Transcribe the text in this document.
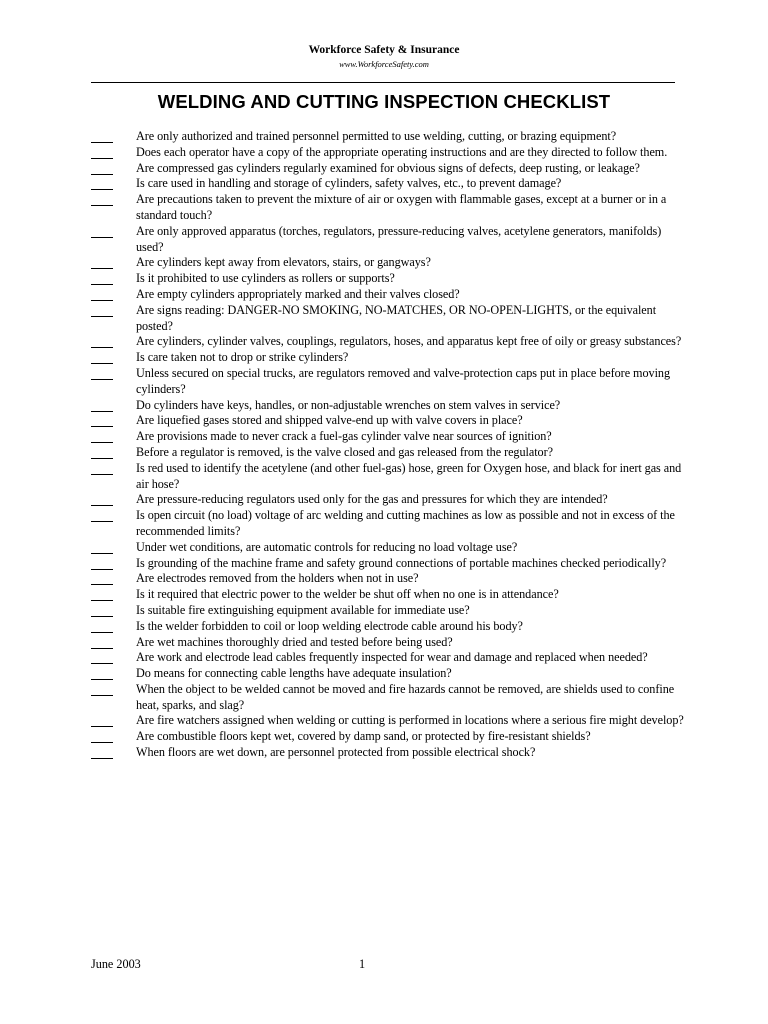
Workforce Safety & Insurance
www.WorkforceSafety.com
WELDING AND CUTTING INSPECTION CHECKLIST
Are only authorized and trained personnel permitted to use welding, cutting, or brazing equipment?
Does each operator have a copy of the appropriate operating instructions and are they directed to follow them.
Are compressed gas cylinders regularly examined for obvious signs of defects, deep rusting, or leakage?
Is care used in handling and storage of cylinders, safety valves, etc., to prevent damage?
Are precautions taken to prevent the mixture of air or oxygen with flammable gases, except at a burner or in a standard touch?
Are only approved apparatus (torches, regulators, pressure-reducing valves, acetylene generators, manifolds) used?
Are cylinders kept away from elevators, stairs, or gangways?
Is it prohibited to use cylinders as rollers or supports?
Are empty cylinders appropriately marked and their valves closed?
Are signs reading: DANGER-NO SMOKING, NO-MATCHES, OR NO-OPEN-LIGHTS, or the equivalent posted?
Are cylinders, cylinder valves, couplings, regulators, hoses, and apparatus kept free of oily or greasy substances?
Is care taken not to drop or strike cylinders?
Unless secured on special trucks, are regulators removed and valve-protection caps put in place before moving cylinders?
Do cylinders have keys, handles, or non-adjustable wrenches on stem valves in service?
Are liquefied gases stored and shipped valve-end up with valve covers in place?
Are provisions made to never crack a fuel-gas cylinder valve near sources of ignition?
Before a regulator is removed, is the valve closed and gas released from the regulator?
Is red used to identify the acetylene (and other fuel-gas) hose, green for Oxygen hose, and black for inert gas and air hose?
Are pressure-reducing regulators used only for the gas and pressures for which they are intended?
Is open circuit (no load) voltage of arc welding and cutting machines as low as possible and not in excess of the recommended limits?
Under wet conditions, are automatic controls for reducing no load voltage use?
Is grounding of the machine frame and safety ground connections of portable machines checked periodically?
Are electrodes removed from the holders when not in use?
Is it required that electric power to the welder be shut off when no one is in attendance?
Is suitable fire extinguishing equipment available for immediate use?
Is the welder forbidden to coil or loop welding electrode cable around his body?
Are wet machines thoroughly dried and tested before being used?
Are work and electrode lead cables frequently inspected for wear and damage and replaced when needed?
Do means for connecting cable lengths have adequate insulation?
When the object to be welded cannot be moved and fire hazards cannot be removed, are shields used to confine heat, sparks, and slag?
Are fire watchers assigned when welding or cutting is performed in locations where a serious fire might develop?
Are combustible floors kept wet, covered by damp sand, or protected by fire-resistant shields?
When floors are wet down, are personnel protected from possible electrical shock?
June 2003	1
